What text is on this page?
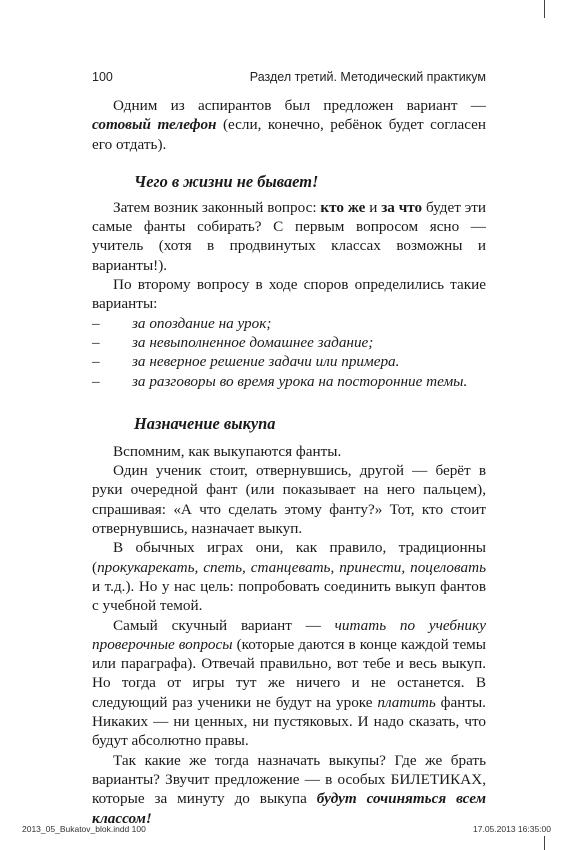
100	Раздел третий. Методический практикум

Одним из аспирантов был предложен вариант — сотовый телефон (если, конечно, ребёнок будет согласен его отдать).

Чего в жизни не бывает!

Затем возник законный вопрос: кто же и за что будет эти самые фанты собирать? С первым вопросом ясно — учитель (хотя в продвинутых классах возможны и варианты!).

По второму вопросу в ходе споров определились такие варианты:

– за опоздание на урок;
– за невыполненное домашнее задание;
– за неверное решение задачи или примера.
– за разговоры во время урока на посторонние темы.
Назначение выкупа

Вспомним, как выкупаются фанты.

Один ученик стоит, отвернувшись, другой — берёт в руки очередной фант (или показывает на него пальцем), спрашивая: «А что сделать этому фанту?» Тот, кто стоит отвернувшись, назначает выкуп.

В обычных играх они, как правило, традиционны (прокукарекать, спеть, станцевать, принести, поцеловать и т.д.). Но у нас цель: попробовать соединить выкуп фантов с учебной темой.

Самый скучный вариант — читать по учебнику проверочные вопросы (которые даются в конце каждой темы или параграфа). Отвечай правильно, вот тебе и весь выкуп. Но тогда от игры тут же ничего и не останется. В следующий раз ученики не будут на уроке платить фанты. Никаких — ни ценных, ни пустяковых. И надо сказать, что будут абсолютно правы.

Так какие же тогда назначать выкупы? Где же брать варианты? Звучит предложение — в особых БИЛЕТИКАХ, которые за минуту до выкупа будут сочиняться всем классом!

2013_05_Bukatov_blok.indd 100	17.05.2013 16:35:00
